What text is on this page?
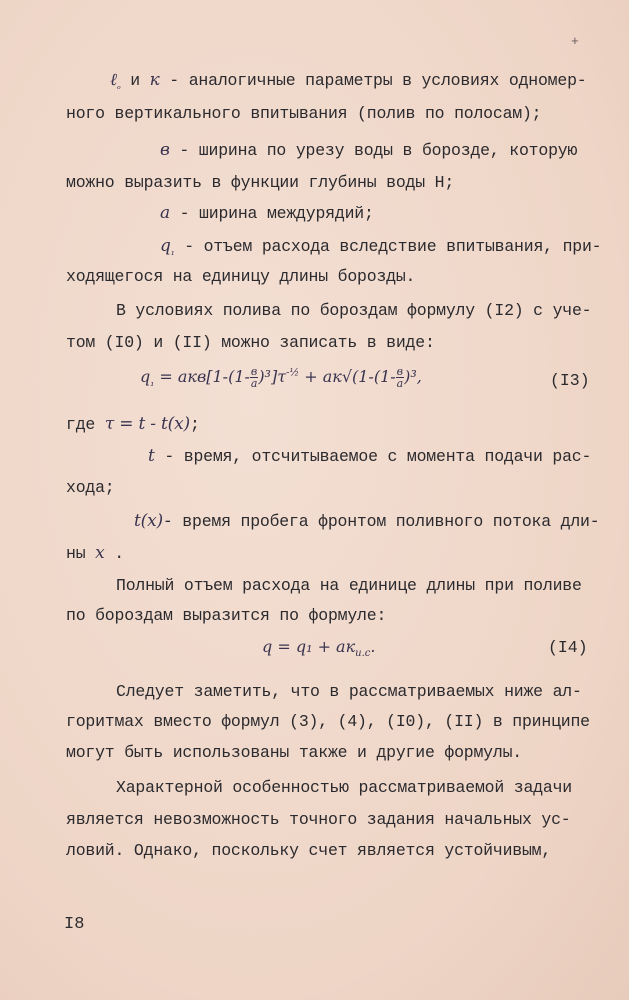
+
ℓ$_{_o}$ и к - аналогичные параметры в условиях одномер-
ного вертикального впитывания (полив по полосам);
в - ширина по урезу воды в борозде, которую
можно выразить в функции глубины воды H;
а - ширина междурядий;
$q_{_1}$ - отъем расхода вследствие впитывания, при-
ходящегося на единицу длины борозды.
В условиях полива по бороздам формулу (I2) с уче-
том (I0) и (II) можно записать в виде:
$q_{_1} = акв[1-(1- \frac{в}{а} )^3]\tau^{-\frac{1}{2}} + ак√(1-(1- \frac{в}{а} )^3$,	(I3)
где τ = t - t(x);
t - время, отсчитываемое с момента подачи рас-
хода;
t(x)- время пробега фронтом поливного потока дли-
ны x .
Полный отъем расхода на единице длины при поливе
по бороздам выразится по формуле:
$q = q_1 + aк_{и.с}$.	(I4)
Следует заметить, что в рассматриваемых ниже ал-
горитмах вместо формул (3), (4), (I0), (II) в принципе
могут быть использованы также и другие формулы.
Характерной особенностью рассматриваемой задачи
является невозможность точного задания начальных ус-
ловий. Однако, поскольку счет является устойчивым,
I8
